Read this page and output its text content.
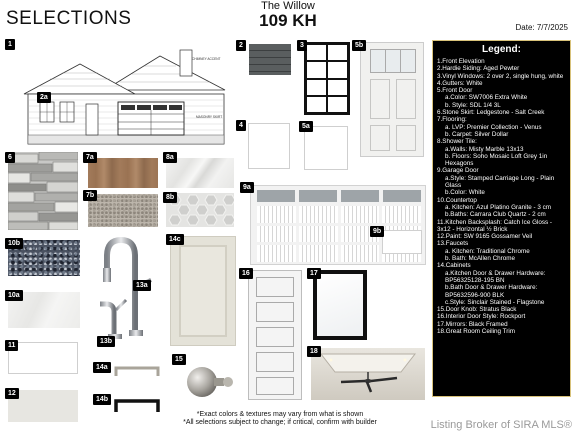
SELECTIONS
The Willow
109 KH	Date: 7/7/2025
CHIMNEY ACCENT
MASONRY SKIRT
1
2a
2	3	5b
4	5a
6	7a
7b
8a
8b
9a
9b
10b
10a
11
12
13a
13b
14a
14b
14c
15
16	17
18
Legend:
1.Front Elevation
2.Hardie Siding: Aged Pewter
3.Vinyl Windows: 2 over 2, single hung, white
4.Gutters: White
5.Front Door
a.Color: SW7006 Extra White
b. Style: SDL 1/4 3L
6.Stone Skirt: Ledgestone - Salt Creek
7.Flooring:
a. LVP: Premier Collection - Venus
b. Carpet: Silver Dollar
8.Shower Tile:
a.Walls: Misty Marble 13x13
b. Floors: Soho Mosaic Loft Grey 1in Hexagons
9.Garage Door
a.Style: Stamped Carriage Long - Plain Glass
b.Color: White
10.Countertop
a. Kitchen: Azul Platino Granite - 3 cm
b.Baths: Carrara Club Quartz - 2 cm
11.Kitchen Backsplash: Catch Ice Gloss - 3x12 - Horizontal ½ Brick
12.Paint: SW 9165 Gossamer Veil
13.Faucets
a. Kitchen: Traditional Chrome
b. Bath: McAllen Chrome
14.Cabinets
a.Kitchen Door & Drawer Hardware: BP56325128-195 BN
b.Bath Door & Drawer Hardware: BP5632596-900 BLK
c.Style: Sinclair Stained - Flagstone
15.Door Knob: Stratus Black
16.Interior Door Style: Rockport
17.Mirrors: Black Framed
18.Great Room Ceiling Trim
*Exact colors & textures may vary from what is shown
*All selections subject to change; if critical, confirm with builder	Listing Broker of SIRA MLS®
